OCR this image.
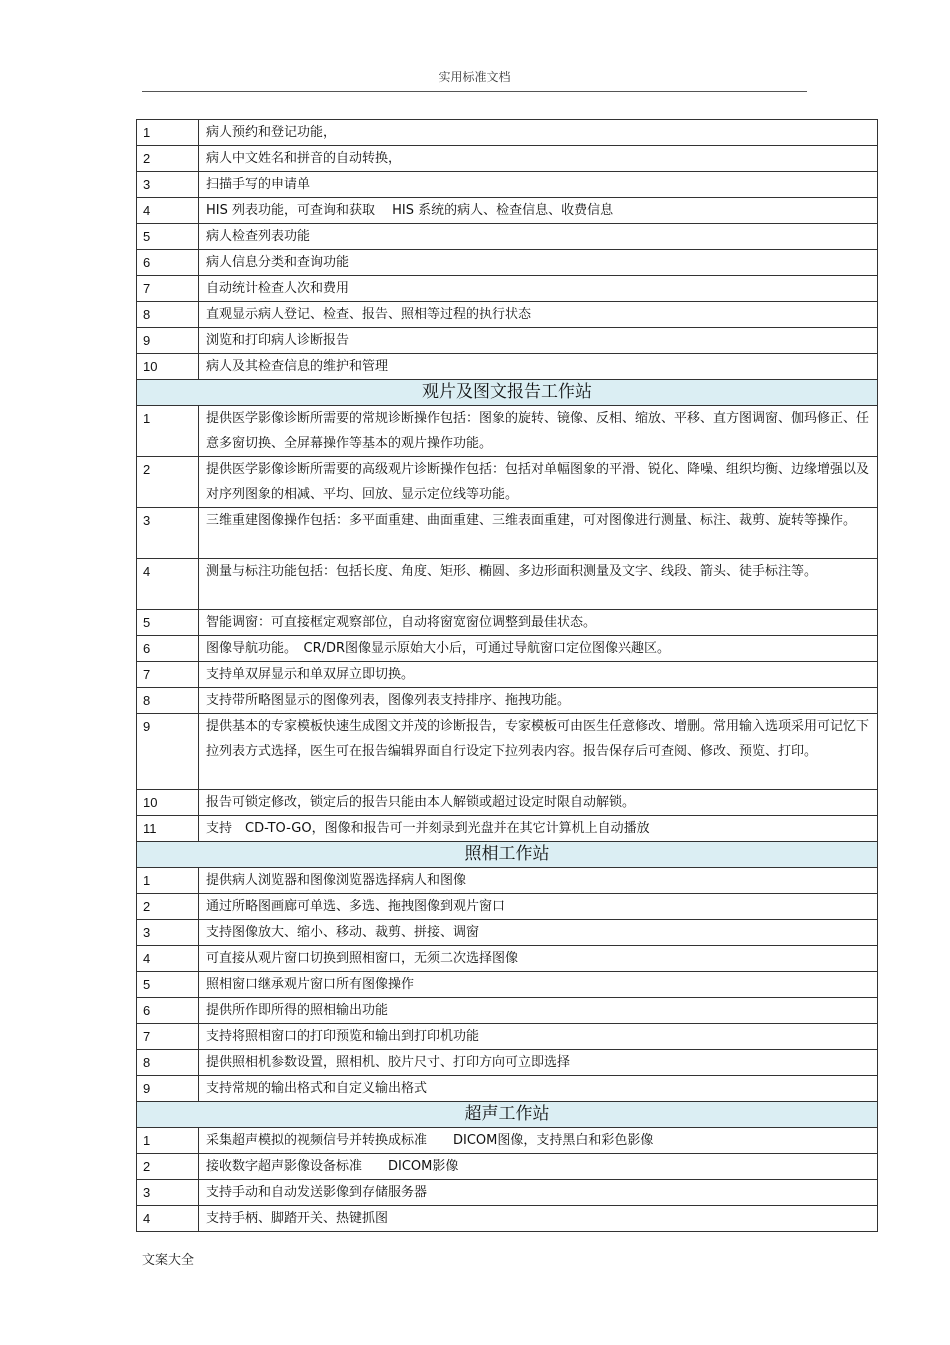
实用标准文档
1	病人预约和登记功能，
2	病人中文姓名和拼音的自动转换，
3	扫描手写的申请单
4	HIS 列表功能，可查询和获取　 HIS 系统的病人、检查信息、收费信息
5	病人检查列表功能
6	病人信息分类和查询功能
7	自动统计检查人次和费用
8	直观显示病人登记、检查、报告、照相等过程的执行状态
9	浏览和打印病人诊断报告
10	病人及其检查信息的维护和管理
观片及图文报告工作站	
1	提供医学影像诊断所需要的常规诊断操作包括：图象的旋转、镜像、反相、缩放、平移、直方图调窗、伽玛修正、任意多窗切换、全屏幕操作等基本的观片操作功能。
2	提供医学影像诊断所需要的高级观片诊断操作包括：包括对单幅图象的平滑、锐化、降噪、组织均衡、边缘增强以及对序列图象的相减、平均、回放、显示定位线等功能。
3	三维重建图像操作包括：多平面重建、曲面重建、三维表面重建，可对图像进行测量、标注、裁剪、旋转等操作。
4	测量与标注功能包括：包括长度、角度、矩形、椭圆、多边形面积测量及文字、线段、箭头、徒手标注等。
5	智能调窗：可直接框定观察部位，自动将窗宽窗位调整到最佳状态。
6	图像导航功能。　CR/DR图像显示原始大小后，可通过导航窗口定位图像兴趣区。
7	支持单双屏显示和单双屏立即切换。
8	支持带所略图显示的图像列表，图像列表支持排序、拖拽功能。
9	提供基本的专家模板快速生成图文并茂的诊断报告，专家模板可由医生任意修改、增删。常用输入选项采用可记忆下拉列表方式选择，医生可在报告编辑界面自行设定下拉列表内容。报告保存后可查阅、修改、预览、打印。
10	报告可锁定修改，锁定后的报告只能由本人解锁或超过设定时限自动解锁。
11	支持　CD-TO-GO，图像和报告可一并刻录到光盘并在其它计算机上自动播放
照相工作站	
1	提供病人浏览器和图像浏览器选择病人和图像
2	通过所略图画廊可单选、多选、拖拽图像到观片窗口
3	支持图像放大、缩小、移动、裁剪、拼接、调窗
4	可直接从观片窗口切换到照相窗口，无须二次选择图像
5	照相窗口继承观片窗口所有图像操作
6	提供所作即所得的照相输出功能
7	支持将照相窗口的打印预览和输出到打印机功能
8	提供照相机参数设置，照相机、胶片尺寸、打印方向可立即选择
9	支持常规的输出格式和自定义输出格式
超声工作站	
1	采集超声模拟的视频信号并转换成标准　　DICOM图像，支持黑白和彩色影像
2	接收数字超声影像设备标准　　DICOM影像
3	支持手动和自动发送影像到存储服务器
4	支持手柄、脚踏开关、热键抓图
文案大全
